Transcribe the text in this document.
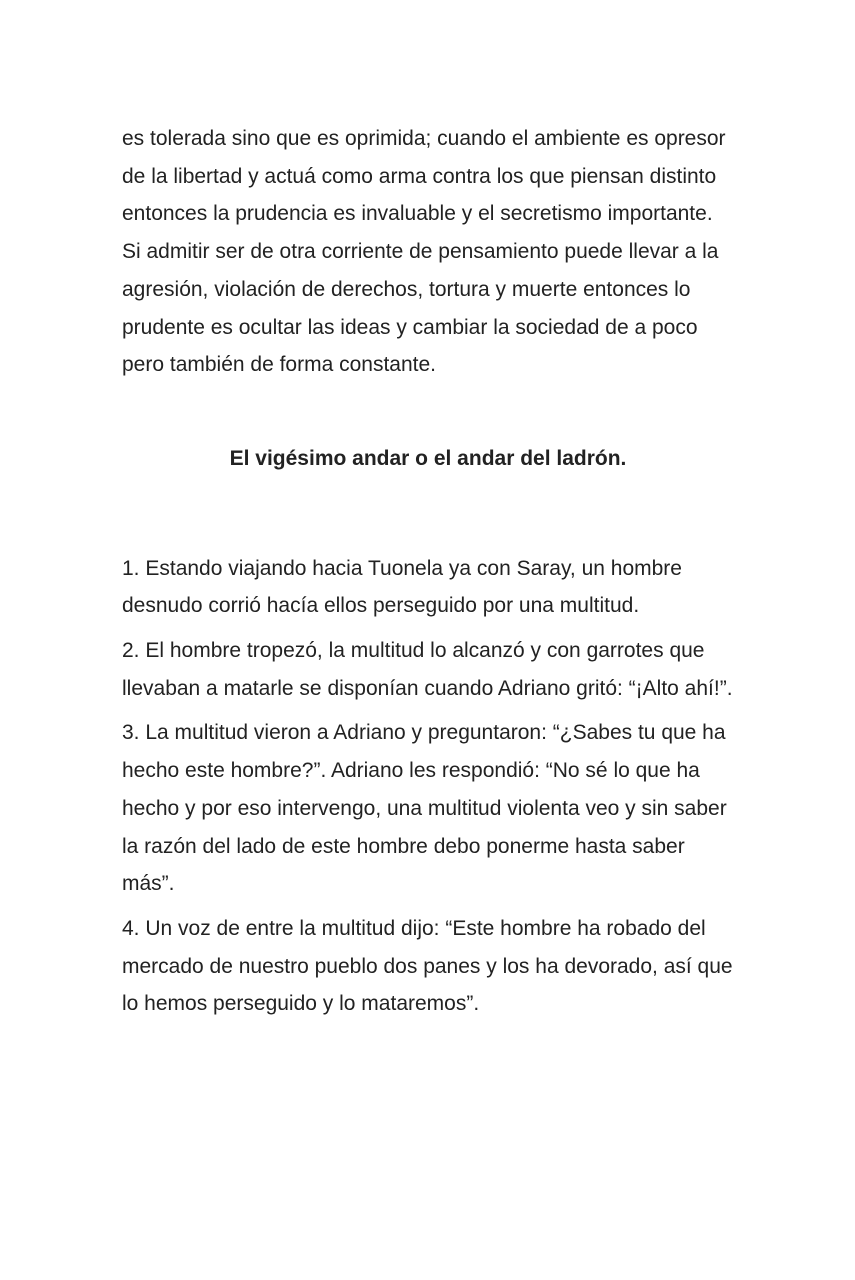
es tolerada sino que es oprimida; cuando el ambiente es opresor de la libertad y actuá como arma contra los que piensan distinto entonces la prudencia es invaluable y el secretismo importante. Si admitir ser de otra corriente de pensamiento puede llevar a la agresión, violación de derechos, tortura y muerte entonces lo prudente es ocultar las ideas y cambiar la sociedad de a poco pero también de forma constante.

El vigésimo andar o el andar del ladrón.

1. Estando viajando hacia Tuonela ya con Saray, un hombre desnudo corrió hacía ellos perseguido por una multitud.

2. El hombre tropezó, la multitud lo alcanzó y con garrotes que llevaban a matarle se disponían cuando Adriano gritó: “¡Alto ahí!”.

3. La multitud vieron a Adriano y preguntaron: “¿Sabes tu que ha hecho este hombre?”. Adriano les respondió: “No sé lo que ha hecho y por eso intervengo, una multitud violenta veo y sin saber la razón del lado de este hombre debo ponerme hasta saber más”.

4. Un voz de entre la multitud dijo: “Este hombre ha robado del mercado de nuestro pueblo dos panes y los ha devorado, así que lo hemos perseguido y lo mataremos”.
